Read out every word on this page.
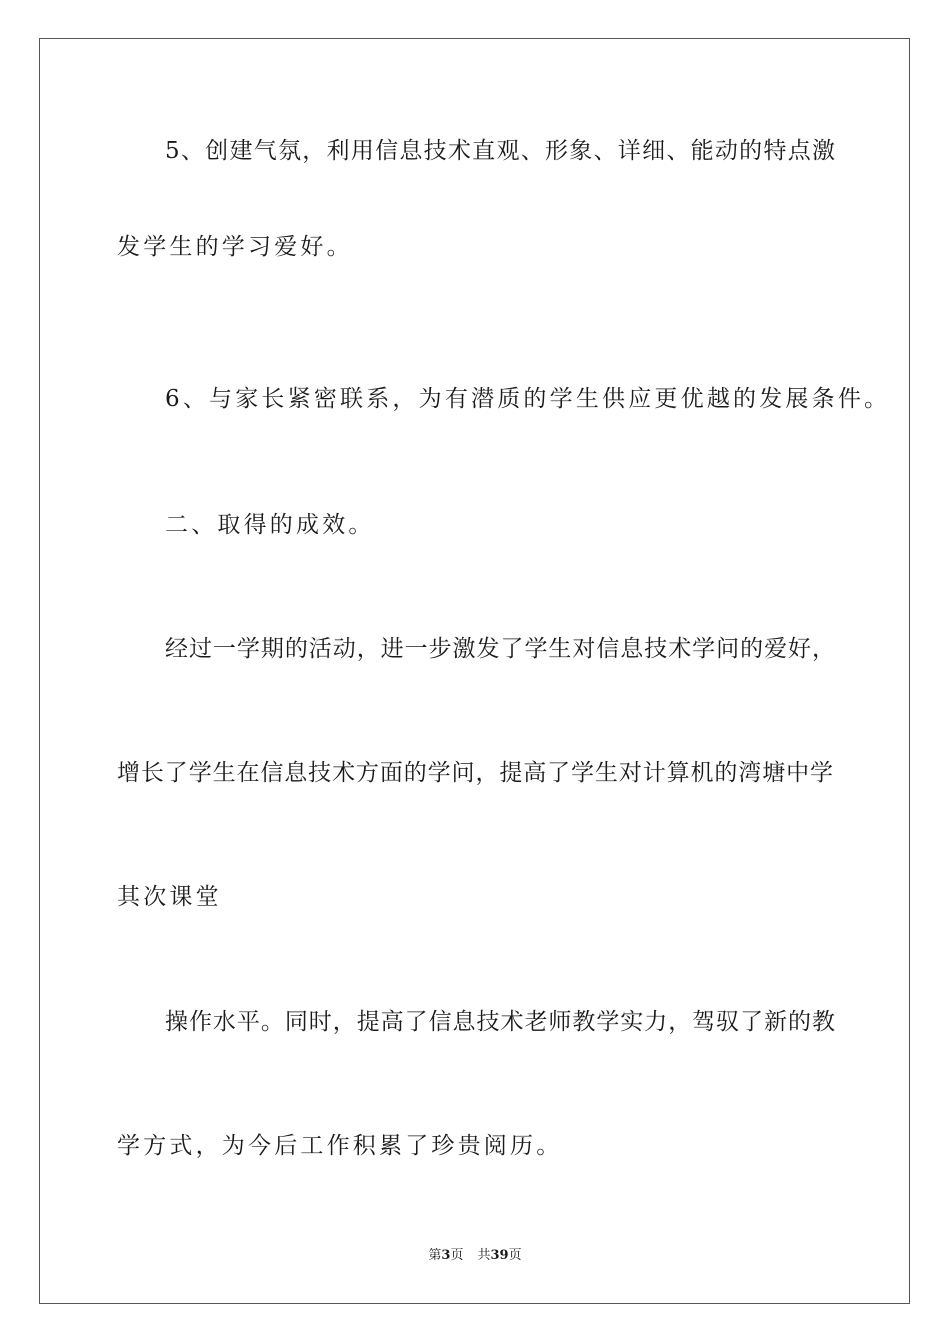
5、创建气氛，利用信息技术直观、形象、详细、能动的特点激
发学生的学习爱好。
6、与家长紧密联系，为有潜质的学生供应更优越的发展条件。
二、取得的成效。
经过一学期的活动，进一步激发了学生对信息技术学问的爱好，
增长了学生在信息技术方面的学问，提高了学生对计算机的湾塘中学
其次课堂
操作水平。同时，提高了信息技术老师教学实力，驾驭了新的教
学方式，为今后工作积累了珍贵阅历。
第3页 共39页
